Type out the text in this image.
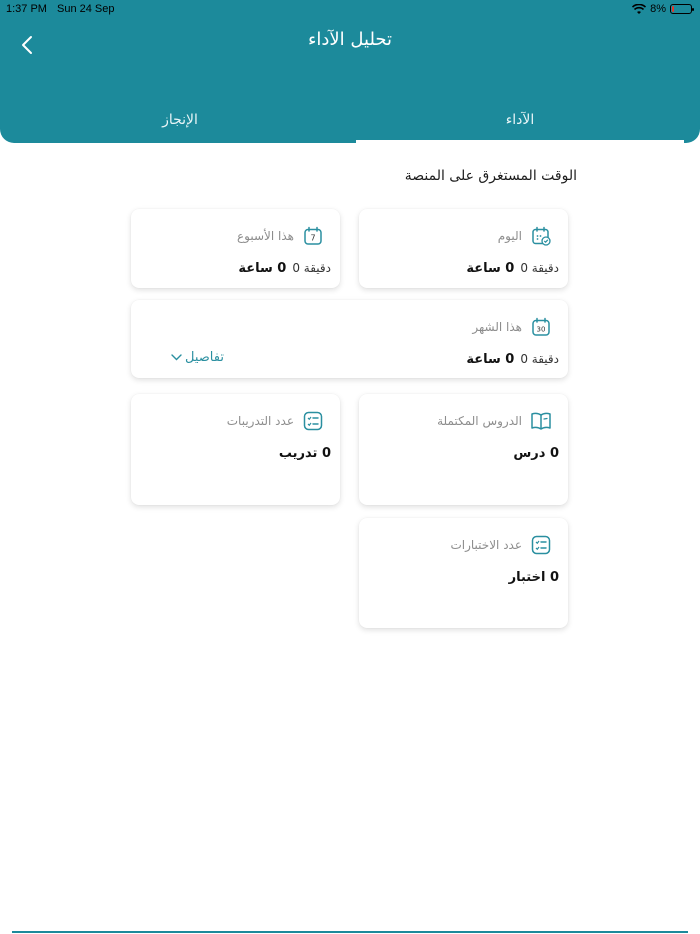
1:37 PM Sun 24 Sep	8%
تحليل الآداء
الإنجاز	الآداء
الوقت المستغرق على المنصة
اليوم
0 ساعة دقيقة 0
7
هذا الأسبوع
0 ساعة دقيقة 0
30
هذا الشهر
0 ساعة دقيقة 0
تفاصيل
الدروس المكتملة
0 درس
عدد التدريبات
0 تدريب
عدد الاختبارات
0 اختبار
